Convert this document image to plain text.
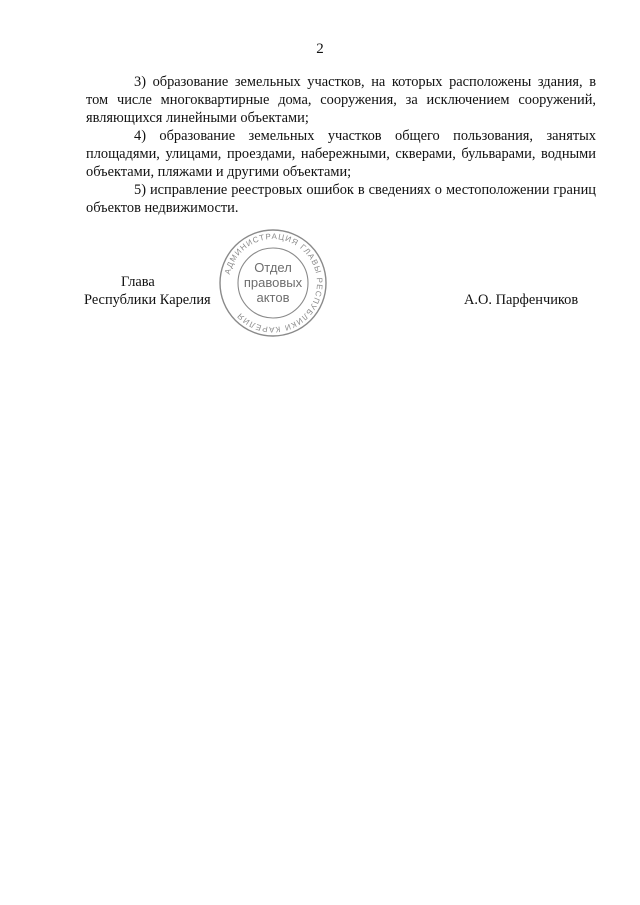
2

3) образование земельных участков, на которых расположены здания, в том числе многоквартирные дома, сооружения, за исключением сооружений, являющихся линейными объектами;

4) образование земельных участков общего пользования, занятых площадями, улицами, проездами, набережными, скверами, бульварами, водными объектами, пляжами и другими объектами;

5) исправление реестровых ошибок в сведениях о местоположении границ объектов недвижимости.

Глава
Республики Карелия
АДМИНИСТРАЦИЯ ГЛАВЫ РЕСПУБЛИКИ КАРЕЛИЯ
Отдел
правовых
актов	А.О. Парфенчиков
